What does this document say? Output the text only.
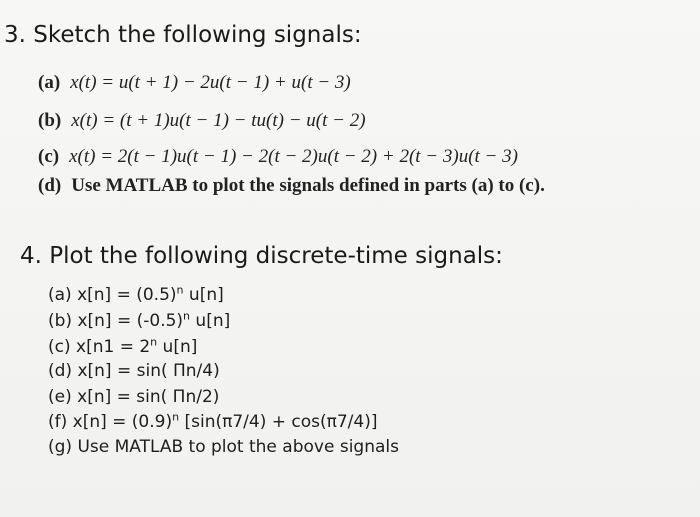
3. Sketch the following signals:
(a) x(t) = u(t + 1) − 2u(t − 1) + u(t − 3)
(b) x(t) = (t + 1)u(t − 1) − tu(t) − u(t − 2)
(c) x(t) = 2(t − 1)u(t − 1) − 2(t − 2)u(t − 2) + 2(t − 3)u(t − 3)
(d) Use MATLAB to plot the signals defined in parts (a) to (c).
4. Plot the following discrete-time signals:
(a) $x[n] = (0.5)^n$ u[n]
(b) $x[n] = (-0.5)^n$ u[n]
(c) $x[n1 = 2^n$ u[n]
(d) x[n] = sin( Πn/4)
(e) x[n] = sin( Πn/2)
(f) $x[n] = (0.9)^n$ [sin(π7/4) + cos(π7/4)]
(g) Use MATLAB to plot the above signals
